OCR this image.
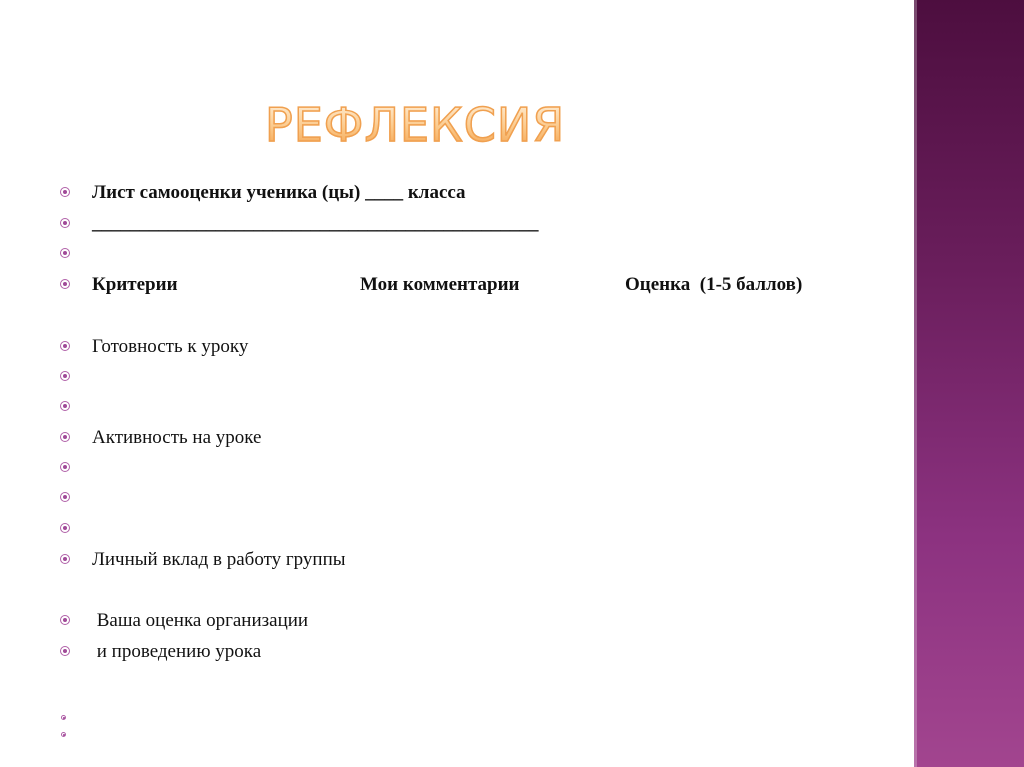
РЕФЛЕКСИЯ
Лист самооценки ученика (цы) ____ класса
_______________________________________________
Критерии	Мои комментарии	Оценка  (1-5 баллов)
Готовность к уроку
Активность на уроке
Личный вклад в работу группы
Ваша оценка организации
и проведению урока
